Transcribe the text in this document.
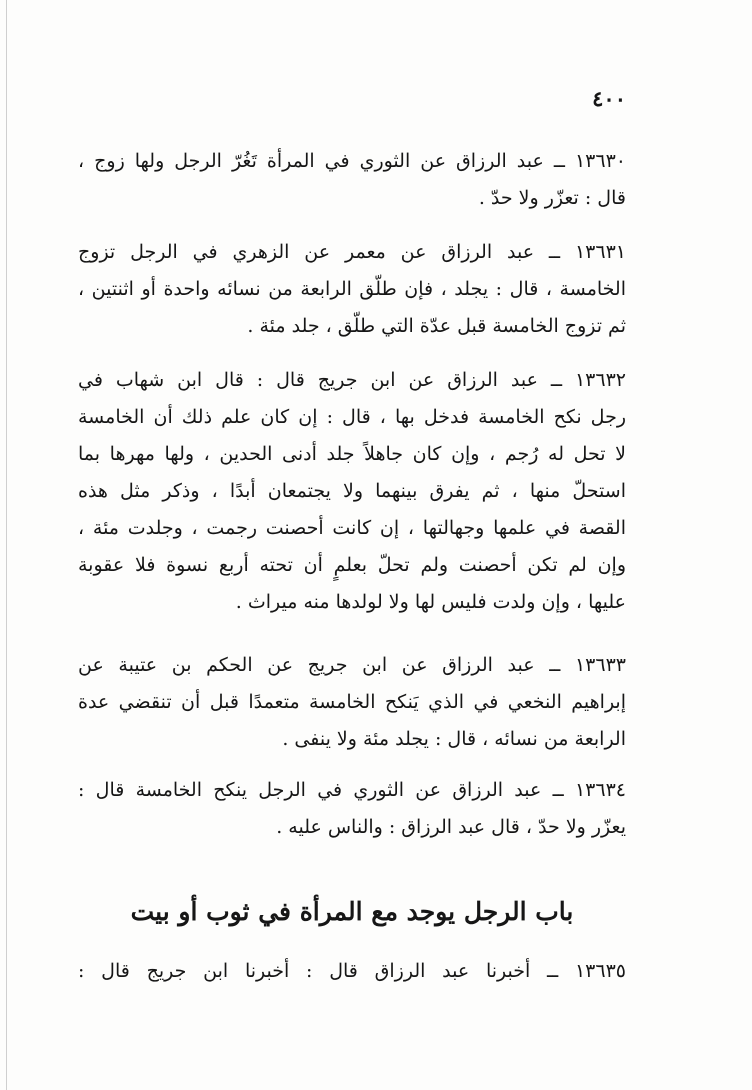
٤٠٠
١٣٦٣٠ ــ عبد الرزاق عن الثوري في المرأة تَغُرّ الرجل ولها زوج ،
قال : تعزّر ولا حدّ .
١٣٦٣١ ــ عبد الرزاق عن معمر عن الزهري في الرجل تزوج
الخامسة ، قال : يجلد ، فإن طلّق الرابعة من نسائه واحدة أو اثنتين ،
ثم تزوج الخامسة قبل عدّة التي طلّق ، جلد مئة .
١٣٦٣٢ ــ عبد الرزاق عن ابن جريج قال : قال ابن شهاب في
رجل نكح الخامسة فدخل بها ، قال : إن كان علم ذلك أن الخامسة
لا تحل له رُجم ، وإن كان جاهلاً جلد أدنى الحدين ، ولها مهرها بما
استحلّ منها ، ثم يفرق بينهما ولا يجتمعان أبدًا ، وذكر مثل هذه
القصة في علمها وجهالتها ، إن كانت أحصنت رجمت ، وجلدت مئة ،
وإن لم تكن أحصنت ولم تحلّ بعلمٍ أن تحته أربع نسوة فلا عقوبة
عليها ، وإن ولدت فليس لها ولا لولدها منه ميراث .
١٣٦٣٣ ــ عبد الرزاق عن ابن جريج عن الحكم بن عتيبة عن
إبراهيم النخعي في الذي يَنكح الخامسة متعمدًا قبل أن تنقضي عدة
الرابعة من نسائه ، قال : يجلد مئة ولا ينفى .
١٣٦٣٤ ــ عبد الرزاق عن الثوري في الرجل ينكح الخامسة قال :
يعزّر ولا حدّ ، قال عبد الرزاق : والناس عليه .
باب الرجل يوجد مع المرأة في ثوب أو بيت
١٣٦٣٥ ــ أخبرنا عبد الرزاق قال : أخبرنا ابن جريج قال :
